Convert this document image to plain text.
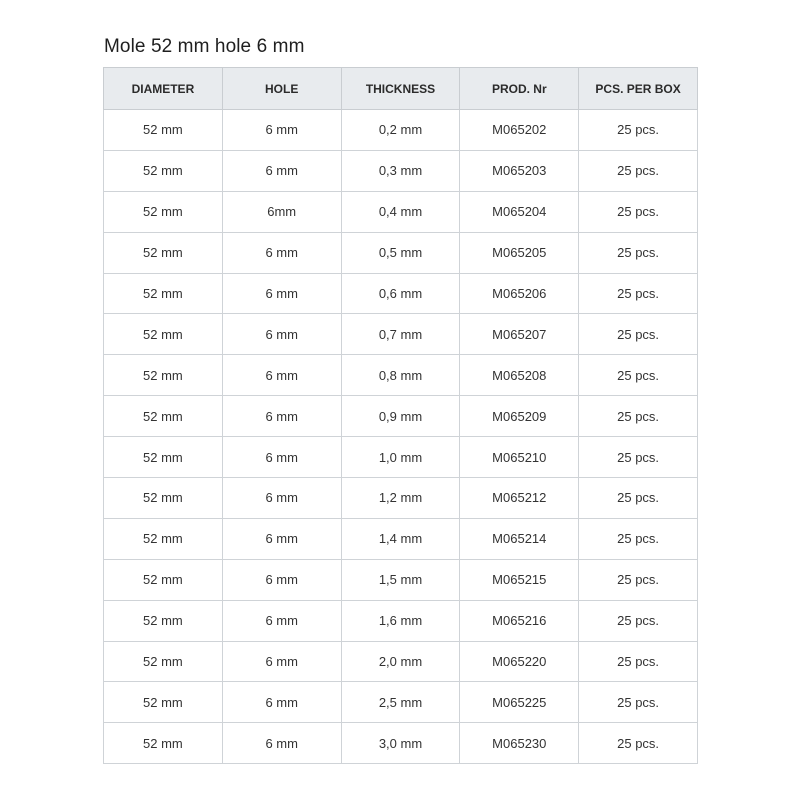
Mole 52 mm hole 6 mm
DIAMETER	HOLE	THICKNESS	PROD. Nr	PCS. PER BOX
52 mm	6 mm	0,2 mm	M065202	25 pcs.
52 mm	6 mm	0,3 mm	M065203	25 pcs.
52 mm	6mm	0,4 mm	M065204	25 pcs.
52 mm	6 mm	0,5 mm	M065205	25 pcs.
52 mm	6 mm	0,6 mm	M065206	25 pcs.
52 mm	6 mm	0,7 mm	M065207	25 pcs.
52 mm	6 mm	0,8 mm	M065208	25 pcs.
52 mm	6 mm	0,9 mm	M065209	25 pcs.
52 mm	6 mm	1,0 mm	M065210	25 pcs.
52 mm	6 mm	1,2 mm	M065212	25 pcs.
52 mm	6 mm	1,4 mm	M065214	25 pcs.
52 mm	6 mm	1,5 mm	M065215	25 pcs.
52 mm	6 mm	1,6 mm	M065216	25 pcs.
52 mm	6 mm	2,0 mm	M065220	25 pcs.
52 mm	6 mm	2,5 mm	M065225	25 pcs.
52 mm	6 mm	3,0 mm	M065230	25 pcs.
